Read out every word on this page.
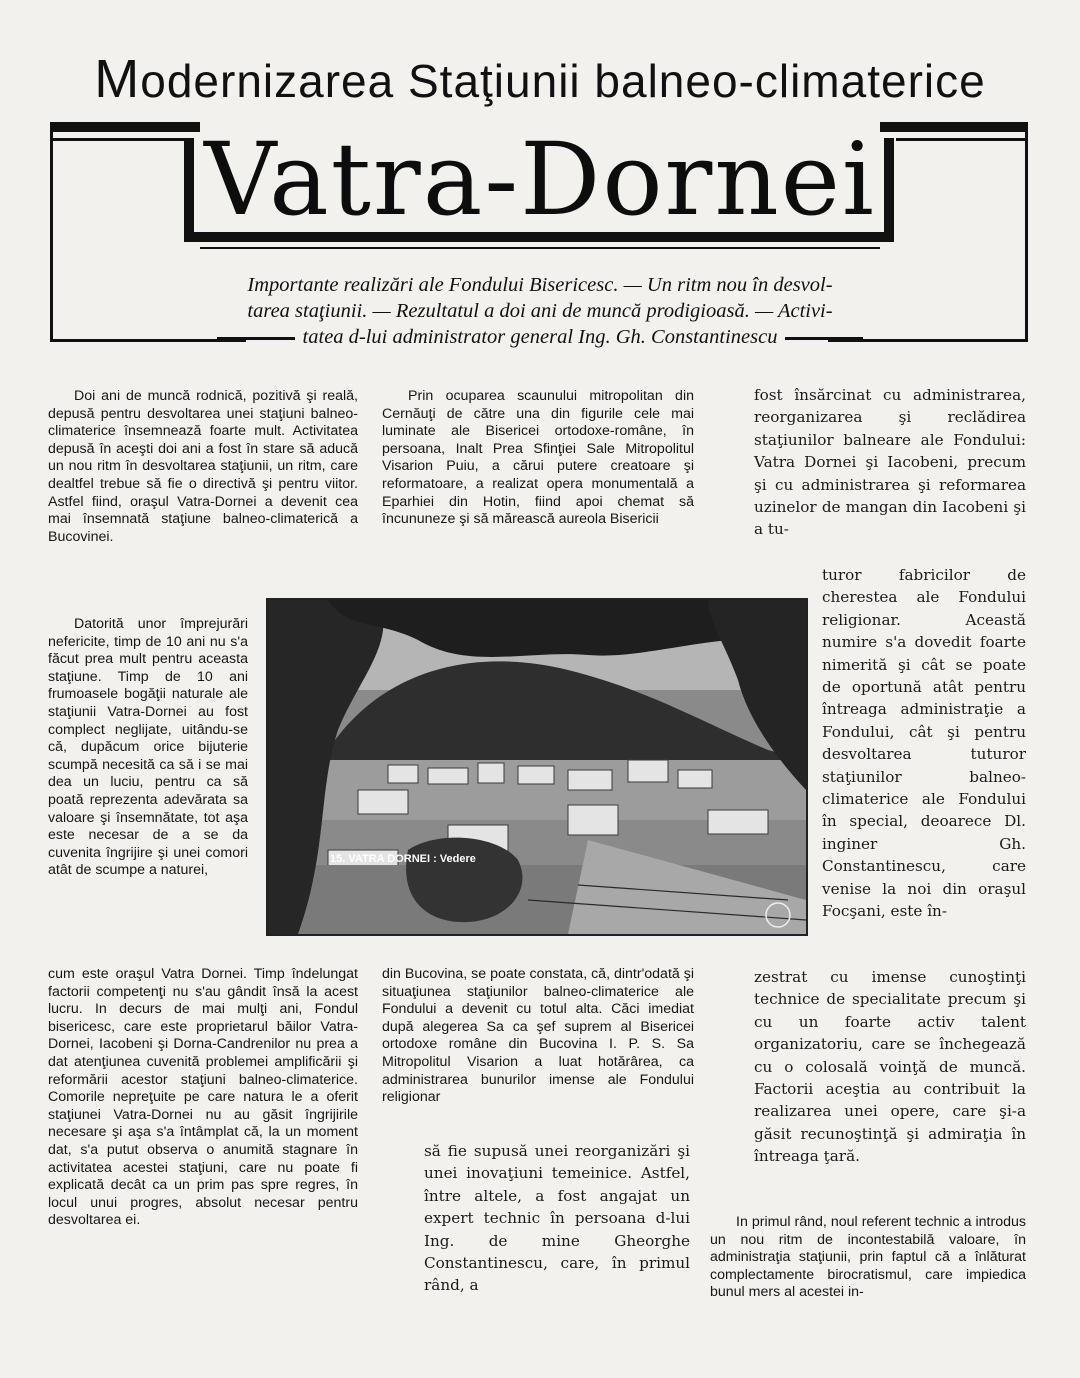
Modernizarea Staţiunii balneo-climaterice
Vatra-Dornei
Importante realizări ale Fondului Bisericesc. — Un ritm nou în desvol-
tarea staţiunii. — Rezultatul a doi ani de muncă prodigioasă. — Activi-
tatea d-lui administrator general Ing. Gh. Constantinescu

Doi ani de muncă rodnică, pozitivă şi reală, depusă pentru desvoltarea unei staţiuni balneo-climaterice însemnează foarte mult. Activitatea depusă în aceşti doi ani a fost în stare să aducă un nou ritm în desvoltarea staţiunii, un ritm, care dealtfel trebue să fie o directivă şi pentru viitor. Astfel fiind, oraşul Vatra-Dornei a devenit cea mai însemnată staţiune balneo-climaterică a Bucovinei.

Datorită unor împrejurări nefericite, timp de 10 ani nu s'a făcut prea mult pentru aceasta staţiune. Timp de 10 ani frumoasele bogăţii naturale ale staţiunii Vatra-Dornei au fost complect neglijate, uitându-se că, dupăcum orice bijuterie scumpă necesită ca să i se mai dea un luciu, pentru ca să poată reprezenta adevărata sa valoare şi însemnătate, tot aşa este necesar de a se da cuvenita îngrijire şi unei comori atât de scumpe a naturei,

cum este oraşul Vatra Dornei. Timp îndelungat factorii competenţi nu s'au gândit însă la acest lucru. In decurs de mai mulţi ani, Fondul bisericesc, care este proprietarul băilor Vatra-Dornei, Iacobeni şi Dorna-Candrenilor nu prea a dat atenţiunea cuvenită problemei amplificării şi reformării acestor staţiuni balneo-climaterice. Comorile nepreţuite pe care natura le a oferit staţiunei Vatra-Dornei nu au găsit îngrijirile necesare şi aşa s'a întâmplat că, la un moment dat, s'a putut observa o anumită stagnare în activitatea acestei staţiuni, care nu poate fi explicată decât ca un prim pas spre regres, în locul unui progres, absolut necesar pentru desvoltarea ei.

Prin ocuparea scaunului mitropolitan din Cernăuţi de către una din figurile cele mai luminate ale Bisericei ortodoxe-române, în persoana, Inalt Prea Sfinţiei Sale Mitropolitul Visarion Puiu, a cărui putere creatoare şi reformatoare, a realizat opera monumentală a Eparhiei din Hotin, fiind apoi chemat să încununeze şi să mărească aureola Bisericii

din Bucovina, se poate constata, că, dintr'odată şi situaţiunea staţiunilor balneo-climaterice ale Fondului a devenit cu totul alta. Căci imediat după alegerea Sa ca şef suprem al Bisericei ortodoxe române din Bucovina I. P. S. Sa Mitropolitul Visarion a luat hotărârea, ca administrarea bunurilor imense ale Fondului religionar

să fie supusă unei reorganizări şi unei inovaţiuni temeinice. Astfel, între altele, a fost angajat un expert technic în persoana d-lui Ing. de mine Gheorghe Constantinescu, care, în primul rând, a

fost însărcinat cu administrarea, reorganizarea şi reclădirea staţiunilor balneare ale Fondului: Vatra Dornei şi Iacobeni, precum şi cu administrarea şi reformarea uzinelor de mangan din Iacobeni şi a tu-

turor fabricilor de cherestea ale Fondului religionar. Această numire s'a dovedit foarte nimerită şi cât se poate de oportună atât pentru întreaga administraţie a Fondului, cât şi pentru desvoltarea tuturor staţiunilor balneo-climaterice ale Fondului în special, deoarece Dl. inginer Gh. Constantinescu, care venise la noi din oraşul Focşani, este în-

zestrat cu imense cunoştinţi technice de specialitate precum şi cu un foarte activ talent organizatoriu, care se închegează cu o colosală voinţă de muncă. Factorii aceştia au contribuit la realizarea unei opere, care şi-a găsit recunoştinţă şi admiraţia în întreaga ţară.

In primul rând, noul referent technic a introdus un nou ritm de incontestabilă valoare, în administraţia staţiunii, prin faptul că a înlăturat complectamente birocratismul, care impiedica bunul mers al acestei in-

15. VATRA DORNEI : Vedere
